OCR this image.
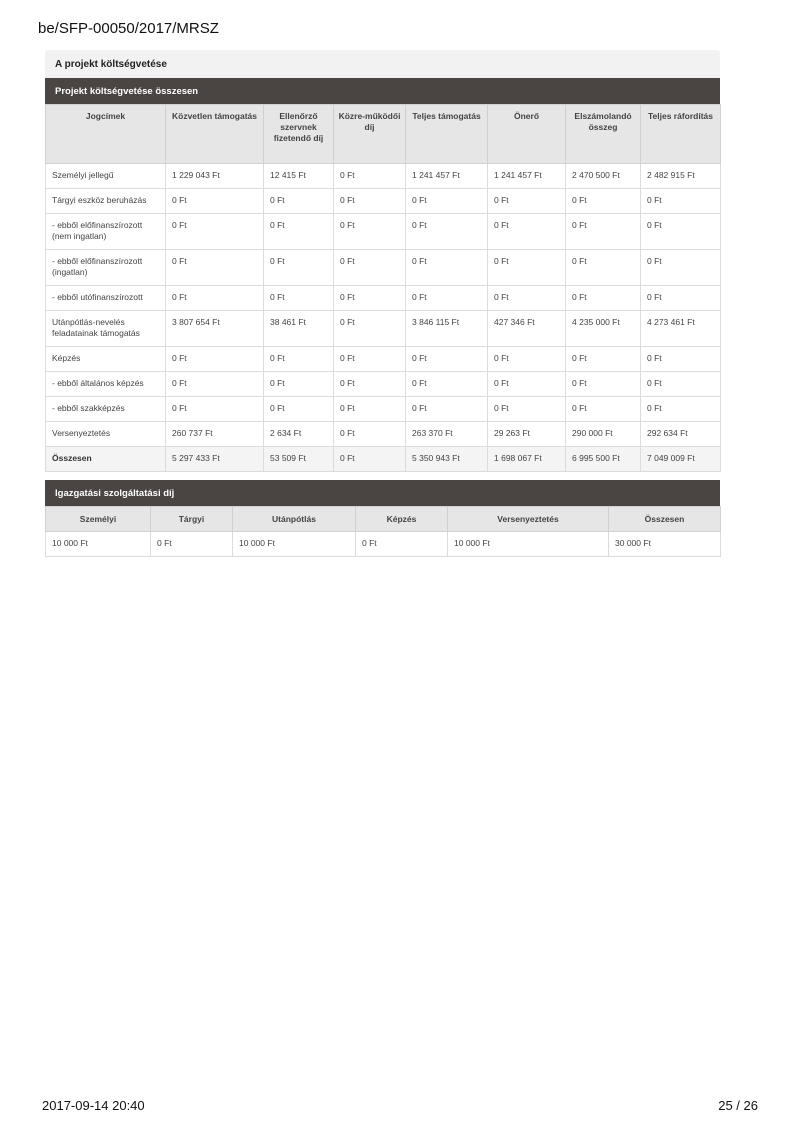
be/SFP-00050/2017/MRSZ
A projekt költségvetése
Projekt költségvetése összesen
Jogcímek	Közvetlen támogatás	Ellenőrző szervnek fizetendő díj	Közre-működői díj	Teljes támogatás	Önerő	Elszámolandó összeg	Teljes ráfordítás
Személyi jellegű	1 229 043 Ft	12 415 Ft	0 Ft	1 241 457 Ft	1 241 457 Ft	2 470 500 Ft	2 482 915 Ft
Tárgyi eszköz beruházás	0 Ft	0 Ft	0 Ft	0 Ft	0 Ft	0 Ft	0 Ft
- ebből előfinanszírozott (nem ingatlan)	0 Ft	0 Ft	0 Ft	0 Ft	0 Ft	0 Ft	0 Ft
- ebből előfinanszírozott (ingatlan)	0 Ft	0 Ft	0 Ft	0 Ft	0 Ft	0 Ft	0 Ft
- ebből utófinanszírozott	0 Ft	0 Ft	0 Ft	0 Ft	0 Ft	0 Ft	0 Ft
Utánpótlás-nevelés feladatainak támogatás	3 807 654 Ft	38 461 Ft	0 Ft	3 846 115 Ft	427 346 Ft	4 235 000 Ft	4 273 461 Ft
Képzés	0 Ft	0 Ft	0 Ft	0 Ft	0 Ft	0 Ft	0 Ft
- ebből általános képzés	0 Ft	0 Ft	0 Ft	0 Ft	0 Ft	0 Ft	0 Ft
- ebből szakképzés	0 Ft	0 Ft	0 Ft	0 Ft	0 Ft	0 Ft	0 Ft
Versenyeztetés	260 737 Ft	2 634 Ft	0 Ft	263 370 Ft	29 263 Ft	290 000 Ft	292 634 Ft
Összesen	5 297 433 Ft	53 509 Ft	0 Ft	5 350 943 Ft	1 698 067 Ft	6 995 500 Ft	7 049 009 Ft
Igazgatási szolgáltatási díj
Személyi	Tárgyi	Utánpótlás	Képzés	Versenyeztetés	Összesen
10 000 Ft	0 Ft	10 000 Ft	0 Ft	10 000 Ft	30 000 Ft
2017-09-14 20:40	25 / 26
